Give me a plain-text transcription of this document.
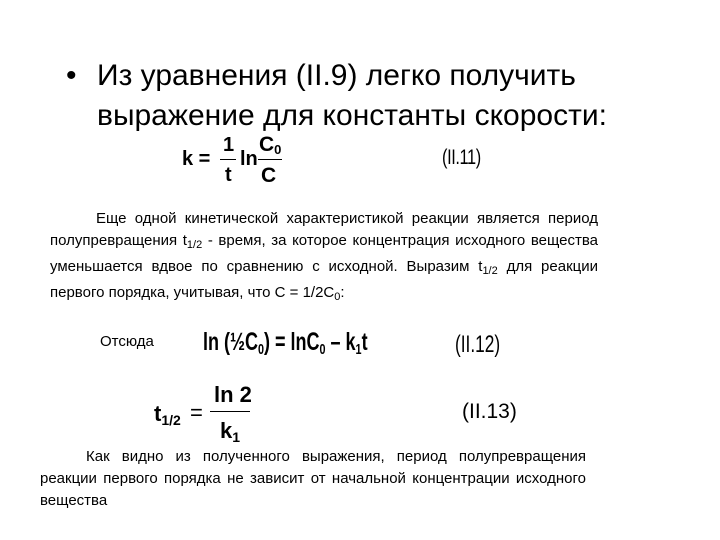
• Из уравнения (II.9) легко получить выражение для константы скорости:
k =
1
t
ln
$C_0$
C
(II.11)
Еще одной кинетической характеристикой реакции является период полупревращения $t_{1/2}$ - время, за которое концентрация исходного вещества уменьшается вдвое по сравнению с исходной. Выразим $t_{1/2}$ для реакции первого порядка, учитывая, что $C = 1/2C_0$:
Отсюда $\ln (\frac{1}{2}C_0) = \ln C_0 - k_1t$	(II.12)
$t_{1/2}$ =
ln 2
$k_1$
(II.13)
Как видно из полученного выражения, период полупревращения реакции первого порядка не зависит от начальной концентрации исходного вещества
